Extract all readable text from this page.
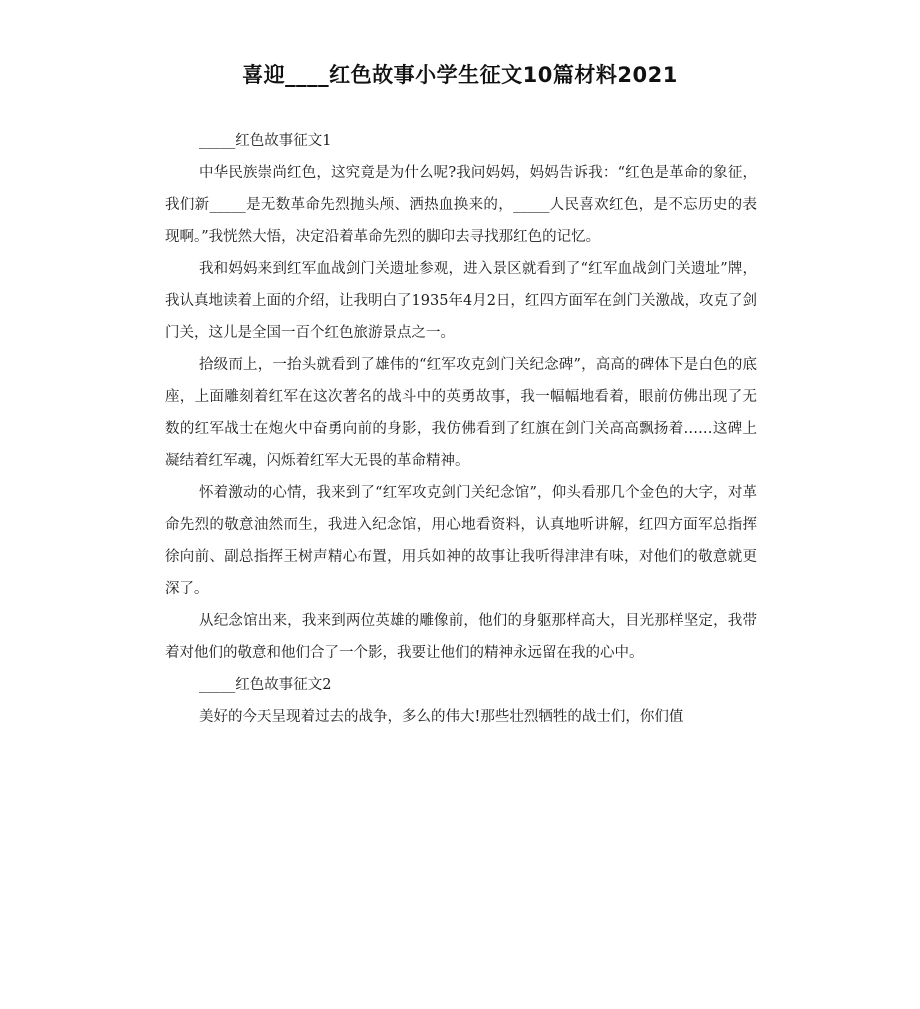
喜迎____红色故事小学生征文10篇材料2021

_____红色故事征文1

中华民族崇尚红色，这究竟是为什么呢?我问妈妈，妈妈告诉我：“红色是革命的象征，我们新_____是无数革命先烈抛头颅、洒热血换来的，_____人民喜欢红色，是不忘历史的表现啊。”我恍然大悟，决定沿着革命先烈的脚印去寻找那红色的记忆。

我和妈妈来到红军血战剑门关遗址参观，进入景区就看到了“红军血战剑门关遗址”牌，我认真地读着上面的介绍，让我明白了1935年4月2日，红四方面军在剑门关激战，攻克了剑门关，这儿是全国一百个红色旅游景点之一。

拾级而上，一抬头就看到了雄伟的“红军攻克剑门关纪念碑”，高高的碑体下是白色的底座，上面雕刻着红军在这次著名的战斗中的英勇故事，我一幅幅地看着，眼前仿佛出现了无数的红军战士在炮火中奋勇向前的身影，我仿佛看到了红旗在剑门关高高飘扬着……这碑上凝结着红军魂，闪烁着红军大无畏的革命精神。

怀着激动的心情，我来到了“红军攻克剑门关纪念馆”，仰头看那几个金色的大字，对革命先烈的敬意油然而生，我进入纪念馆，用心地看资料，认真地听讲解，红四方面军总指挥徐向前、副总指挥王树声精心布置，用兵如神的故事让我听得津津有味，对他们的敬意就更深了。

从纪念馆出来，我来到两位英雄的雕像前，他们的身躯那样高大，目光那样坚定，我带着对他们的敬意和他们合了一个影，我要让他们的精神永远留在我的心中。

_____红色故事征文2

美好的今天呈现着过去的战争，多么的伟大!那些壮烈牺牲的战士们，你们值
